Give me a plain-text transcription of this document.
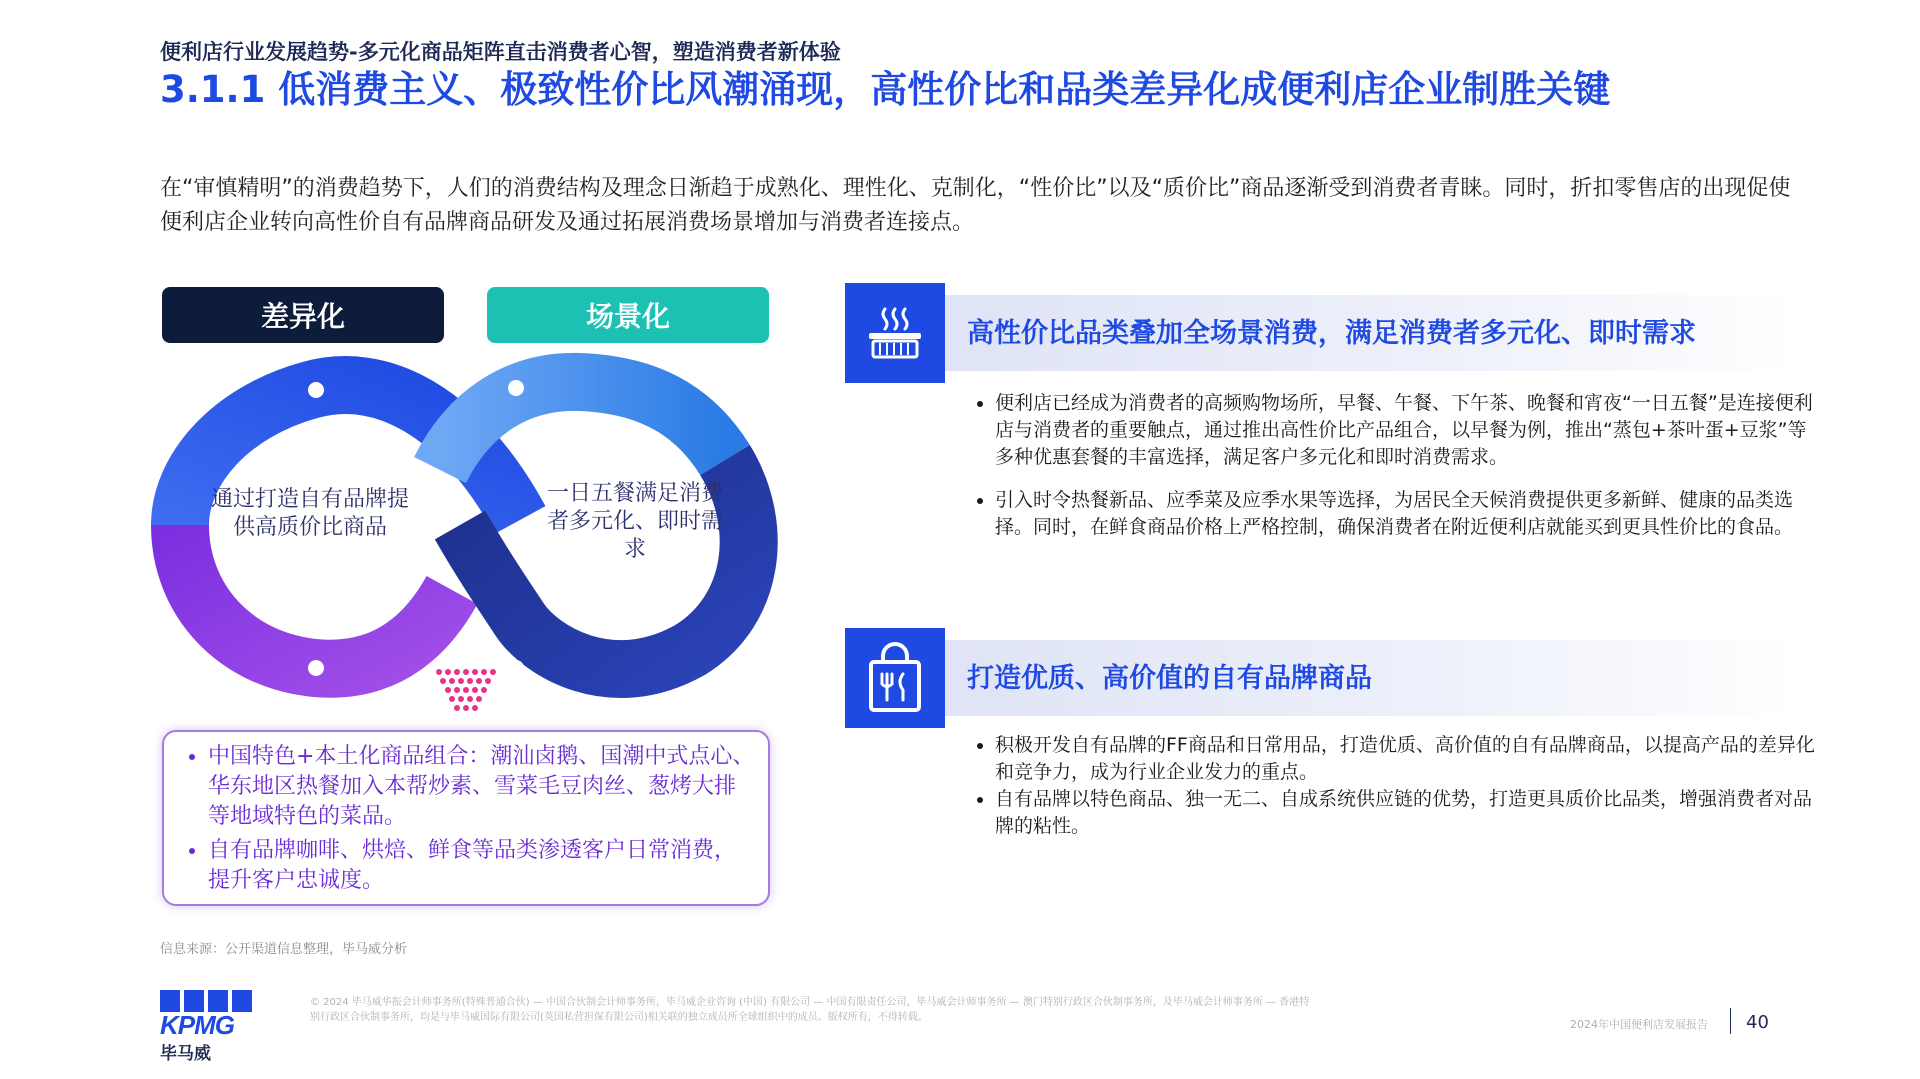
便利店行业发展趋势-多元化商品矩阵直击消费者心智，塑造消费者新体验
3.1.1 低消费主义、极致性价比风潮涌现，高性价比和品类差异化成便利店企业制胜关键
在“审慎精明”的消费趋势下，人们的消费结构及理念日渐趋于成熟化、理性化、克制化，“性价比”以及“质价比”商品逐渐受到消费者青睐。同时，折扣零售店的出现促使便利店企业转向高性价自有品牌商品研发及通过拓展消费场景增加与消费者连接点。
差异化	场景化
通过打造自有品牌提供高质价比商品
一日五餐满足消费者多元化、即时需求
• 中国特色+本土化商品组合：潮汕卤鹅、国潮中式点心、华东地区热餐加入本帮炒素、雪菜毛豆肉丝、葱烤大排等地域特色的菜品。
• 自有品牌咖啡、烘焙、鲜食等品类渗透客户日常消费，提升客户忠诚度。
信息来源：公开渠道信息整理，毕马威分析
高性价比品类叠加全场景消费，满足消费者多元化、即时需求
• 便利店已经成为消费者的高频购物场所，早餐、午餐、下午茶、晚餐和宵夜“一日五餐”是连接便利店与消费者的重要触点，通过推出高性价比产品组合，以早餐为例，推出“蒸包+茶叶蛋+豆浆”等多种优惠套餐的丰富选择，满足客户多元化和即时消费需求。
• 引入时令热餐新品、应季菜及应季水果等选择，为居民全天候消费提供更多新鲜、健康的品类选择。同时，在鲜食商品价格上严格控制，确保消费者在附近便利店就能买到更具性价比的食品。
打造优质、高价值的自有品牌商品
• 积极开发自有品牌的FF商品和日常用品，打造优质、高价值的自有品牌商品，以提高产品的差异化和竞争力，成为行业企业发力的重点。
• 自有品牌以特色商品、独一无二、自成系统供应链的优势，打造更具质价比品类，增强消费者对品牌的粘性。
KPMG
毕马威
© 2024 毕马威华振会计师事务所(特殊普通合伙) — 中国合伙制会计师事务所，毕马威企业咨询 (中国) 有限公司 — 中国有限责任公司，毕马威会计师事务所 — 澳门特别行政区合伙制事务所，及毕马威会计师事务所 — 香港特别行政区合伙制事务所，均是与毕马威国际有限公司(英国私营担保有限公司)相关联的独立成员所全球组织中的成员。版权所有，不得转载。
2024年中国便利店发展报告 40
